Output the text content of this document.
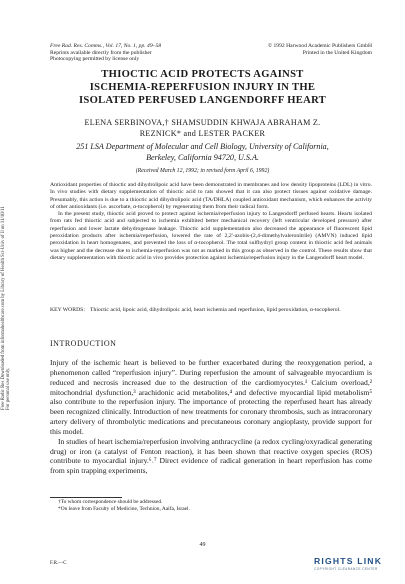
Free Rad. Res. Comms., Vol. 17, No. 1, pp. 49–58
Reprints available directly from the publisher
Photocopying permitted by license only
© 1992 Harwood Academic Publishers GmbH
Printed in the United Kingdom
Free Radic Res Downloaded from informahealthcare.com by Library of Health Sci-Univ of Il on 11/10/11 For personal use only.
THIOCTIC ACID PROTECTS AGAINST
ISCHEMIA-REPERFUSION INJURY IN THE
ISOLATED PERFUSED LANGENDORFF HEART
ELENA SERBINOVA,† SHAMSUDDIN KHWAJA ABRAHAM Z.
REZNICK* and LESTER PACKER
251 LSA Department of Molecular and Cell Biology, University of California,
Berkeley, California 94720, U.S.A.
(Received March 12, 1992; in revised form April 6, 1992)

Antioxidant properties of thioctic and dihydrolipoic acid have been demonstrated in membranes and low density lipoproteins (LDL) in vitro. In vivo studies with dietary supplementation of thioctic acid to rats showed that it can also protect tissues against oxidative damage. Presumably, this action is due to a thioctic acid dihydrolipoic acid (TA/DHLA) coupled antioxidant mechanism, which enhances the activity of other antioxidants (i.e. ascorbate, α-tocopherol) by regenerating them from their radical form.

In the present study, thioctic acid proved to protect against ischemia/reperfusion injury to Langendorff perfused hearts. Hearts isolated from rats fed thioctic acid and subjected to ischemia exhibited better mechanical recovery (left ventricular developed pressure) after reperfusion and lower lactate dehydrogenase leakage. Thioctic acid supplementation also decreased the appearance of fluorescent lipid peroxidation products after ischemia/reperfusion, lowered the rate of 2,2'-azobis-(2,4-dimethylvaleronitrile) (AMVN) induced lipid peroxidation in heart homogenates, and prevented the loss of α-tocopherol. The total sulfhydryl group content in thioctic acid fed animals was higher and the decrease due to ischemia-reperfusion was not as marked in this group as observed in the control. These results show that dietary supplementation with thioctic acid in vivo provides protection against ischemia/reperfusion injury in the Langendorff heart model.

KEY WORDS: Thioctic acid, lipoic acid, dihydrolipoic acid, heart ischemia and reperfusion, lipid peroxidation, α-tocopherol.
INTRODUCTION

Injury of the ischemic heart is believed to be further exacerbated during the reoxygenation period, a phenomenon called “reperfusion injury”. During reperfusion the amount of salvageable myocardium is reduced and necrosis increased due to the destruction of the cardiomyocytes.¹ Calcium overload,² mitochondrial dysfunction,³ arachidonic acid metabolites,⁴ and defective myocardial lipid metabolism⁵ also contribute to the reperfusion injury. The importance of protecting the reperfused heart has already been recognized clinically. Introduction of new treatments for coronary thrombosis, such as intracoronary artery delivery of thrombolytic medications and precutaneous coronary angioplasty, provide support for this model.

In studies of heart ischemia/reperfusion involving anthracycline (a redox cycling/oxyradical generating drug) or iron (a catalyst of Fenton reaction), it has been shown that reactive oxygen species (ROS) contribute to myocardial injury.⁶˒⁷ Direct evidence of radical generation in heart reperfusion has come from spin trapping experiments,

†To whom correspondence should be addressed.
*On leave from Faculty of Medicine, Technion, Aaifa, Israel.
49
F.R.—C	RIGHTS LINK
COPYRIGHT CLEARANCE CENTER
